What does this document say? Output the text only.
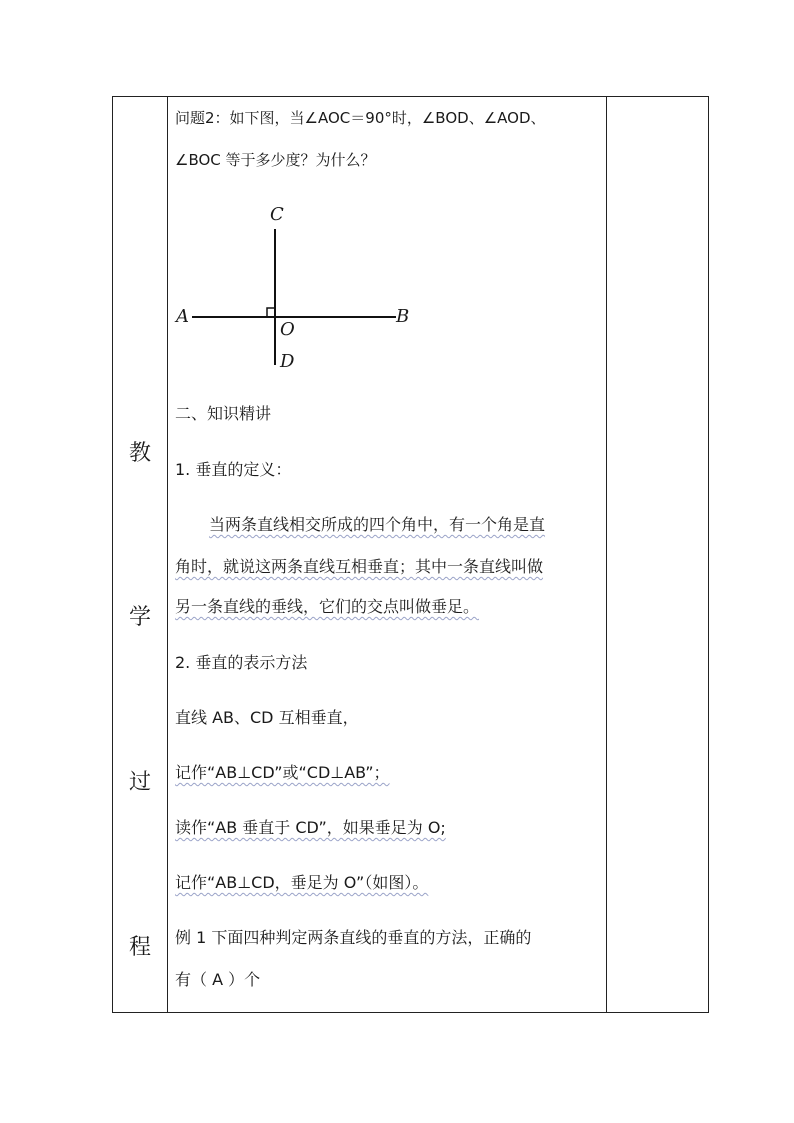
教
学
过
程
问题2：如下图，当∠AOC＝90°时，∠BOD、∠AOD、
∠BOC 等于多少度？为什么？
C
A
O
B
D
二、知识精讲
1. 垂直的定义：
当两条直线相交所成的四个角中，有一个角是直
角时，就说这两条直线互相垂直；其中一条直线叫做
另一条直线的垂线，它们的交点叫做垂足。
2. 垂直的表示方法
直线 AB、CD 互相垂直，
记作“AB⊥CD”或“CD⊥AB”；
读作“AB 垂直于 CD”，如果垂足为 O;
记作“AB⊥CD，垂足为 O”（如图）。
例 1 下面四种判定两条直线的垂直的方法，正确的
有（ A ）个
